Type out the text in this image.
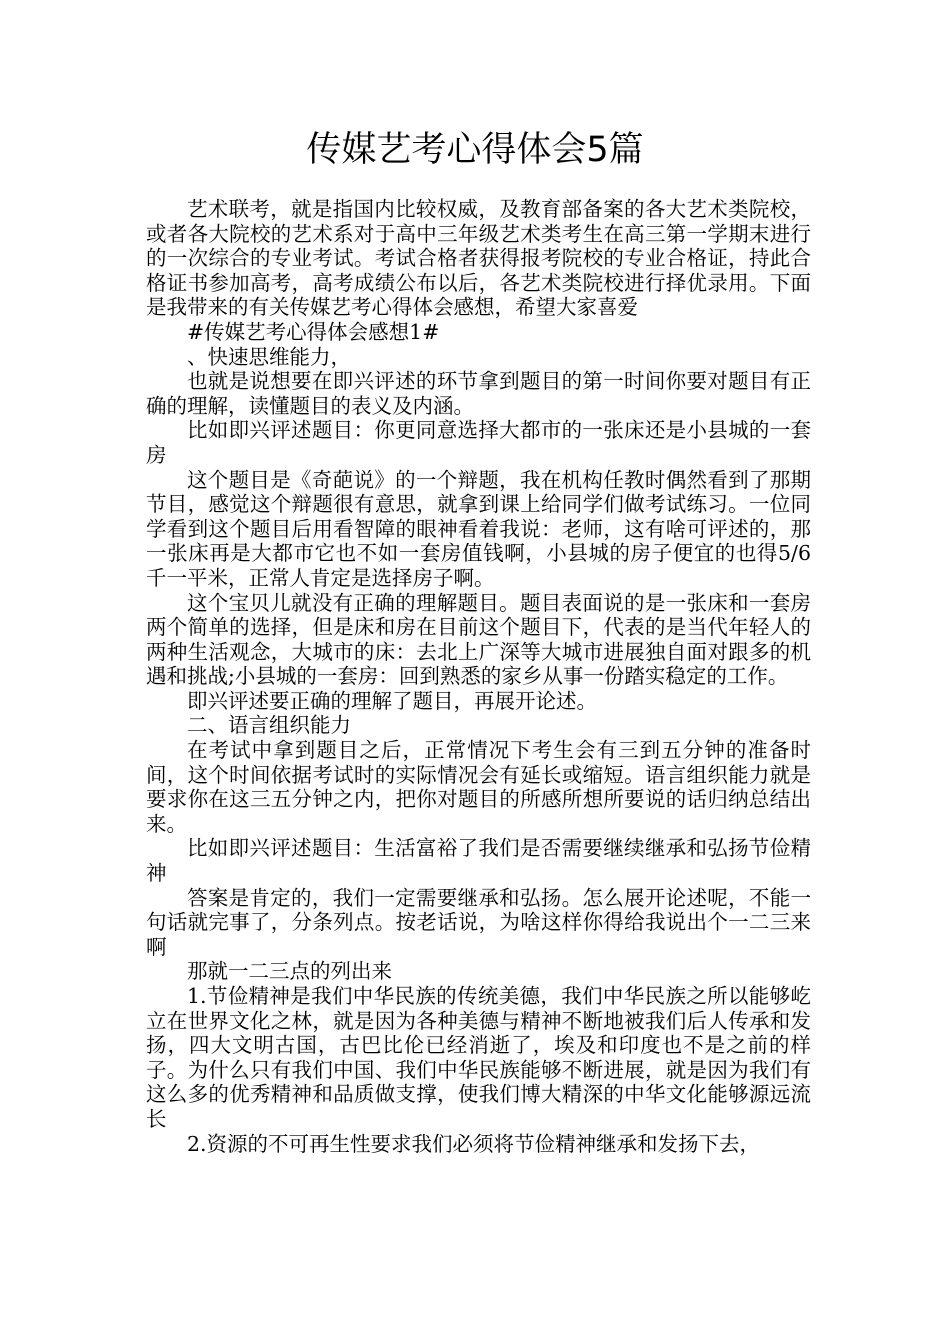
传媒艺考心得体会5篇

艺术联考，就是指国内比较权威，及教育部备案的各大艺术类院校，或者各大院校的艺术系对于高中三年级艺术类考生在高三第一学期末进行的一次综合的专业考试。考试合格者获得报考院校的专业合格证，持此合格证书参加高考，高考成绩公布以后，各艺术类院校进行择优录用。下面是我带来的有关传媒艺考心得体会感想，希望大家喜爱

#传媒艺考心得体会感想1#

、快速思维能力，

也就是说想要在即兴评述的环节拿到题目的第一时间你要对题目有正确的理解，读懂题目的表义及内涵。

比如即兴评述题目：你更同意选择大都市的一张床还是小县城的一套房

这个题目是《奇葩说》的一个辩题，我在机构任教时偶然看到了那期节目，感觉这个辩题很有意思，就拿到课上给同学们做考试练习。一位同学看到这个题目后用看智障的眼神看着我说：老师，这有啥可评述的，那一张床再是大都市它也不如一套房值钱啊，小县城的房子便宜的也得5/6千一平米，正常人肯定是选择房子啊。

这个宝贝儿就没有正确的理解题目。题目表面说的是一张床和一套房两个简单的选择，但是床和房在目前这个题目下，代表的是当代年轻人的两种生活观念，大城市的床：去北上广深等大城市进展独自面对跟多的机遇和挑战;小县城的一套房：回到熟悉的家乡从事一份踏实稳定的工作。

即兴评述要正确的理解了题目，再展开论述。

二、语言组织能力

在考试中拿到题目之后，正常情况下考生会有三到五分钟的准备时间，这个时间依据考试时的实际情况会有延长或缩短。语言组织能力就是要求你在这三五分钟之内，把你对题目的所感所想所要说的话归纳总结出来。

比如即兴评述题目：生活富裕了我们是否需要继续继承和弘扬节俭精神

答案是肯定的，我们一定需要继承和弘扬。怎么展开论述呢，不能一句话就完事了，分条列点。按老话说，为啥这样你得给我说出个一二三来啊

那就一二三点的列出来

1.节俭精神是我们中华民族的传统美德，我们中华民族之所以能够屹立在世界文化之林，就是因为各种美德与精神不断地被我们后人传承和发扬，四大文明古国，古巴比伦已经消逝了，埃及和印度也不是之前的样子。为什么只有我们中国、我们中华民族能够不断进展，就是因为我们有这么多的优秀精神和品质做支撑，使我们博大精深的中华文化能够源远流长

2.资源的不可再生性要求我们必须将节俭精神继承和发扬下去，
